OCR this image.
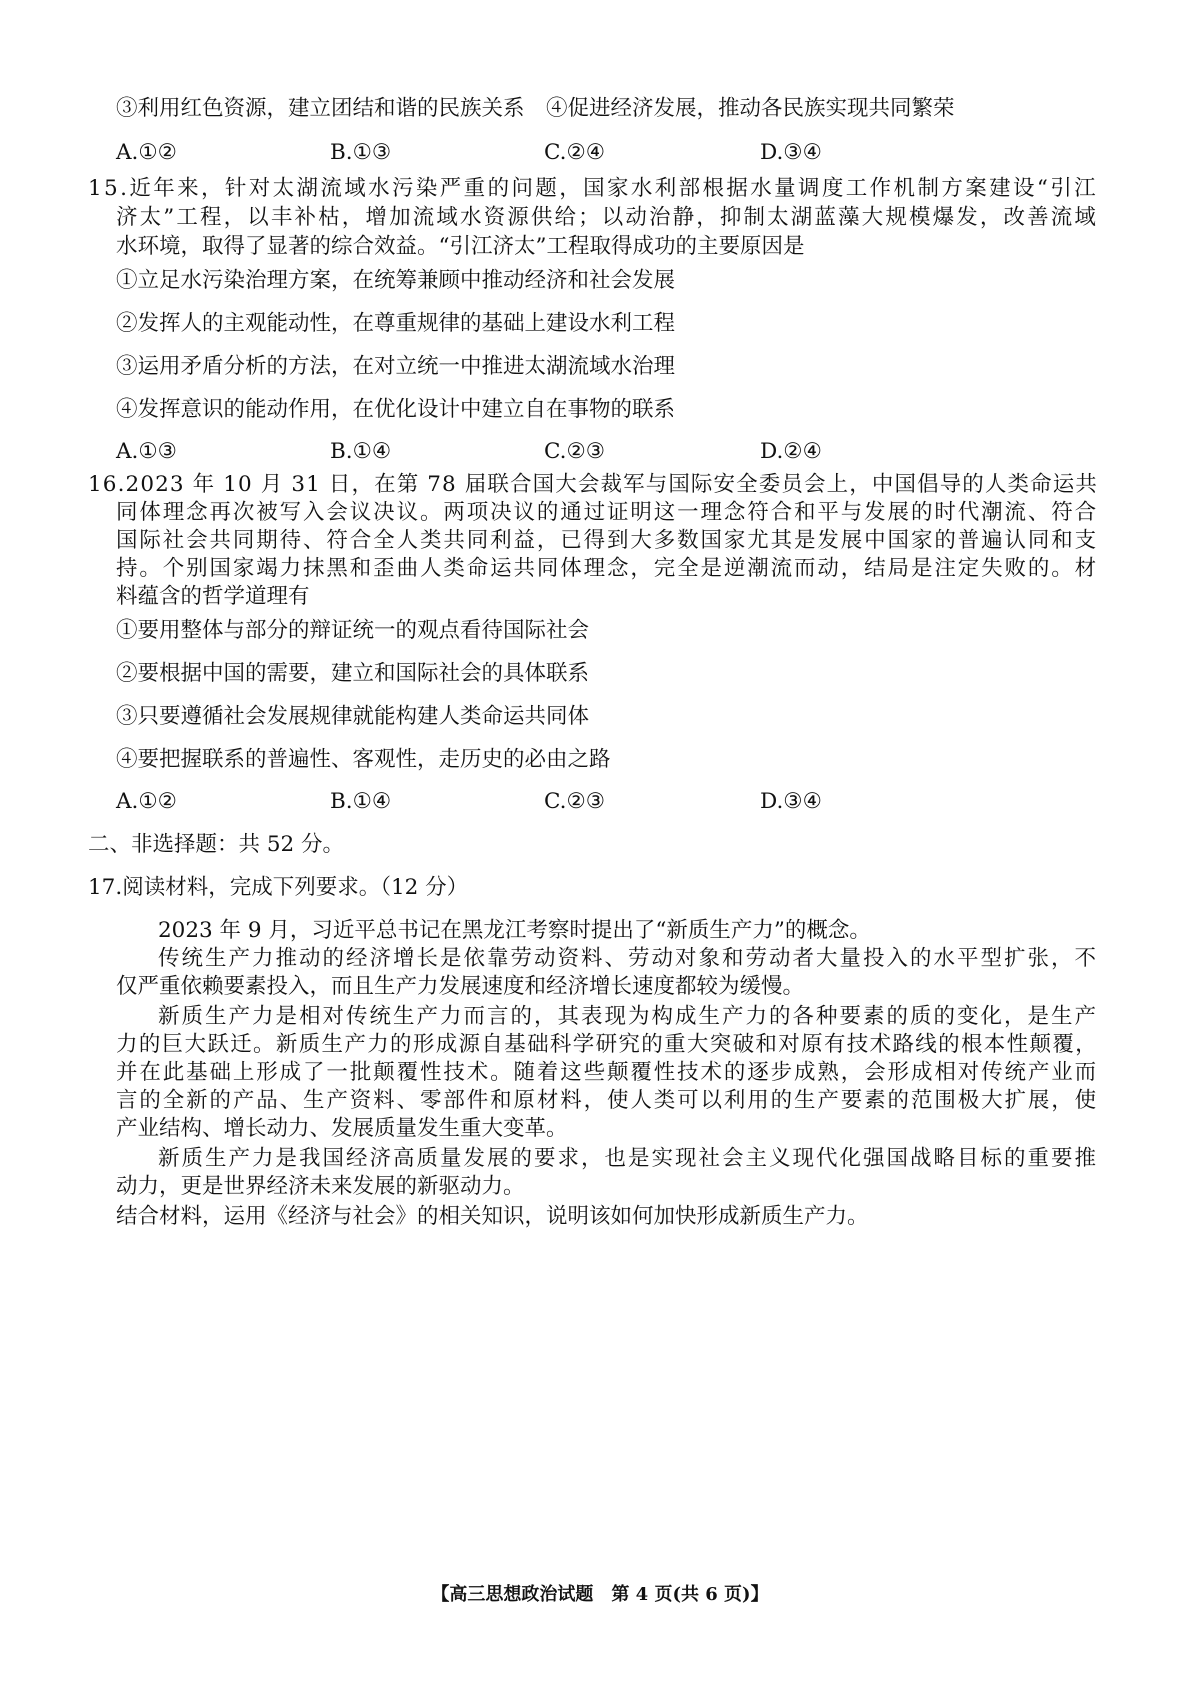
③利用红色资源，建立团结和谐的民族关系 ④促进经济发展，推动各民族实现共同繁荣
A.①②	B.①③	C.②④	D.③④
15.近年来，针对太湖流域水污染严重的问题，国家水利部根据水量调度工作机制方案建设“引江
济太”工程，以丰补枯，增加流域水资源供给；以动治静，抑制太湖蓝藻大规模爆发，改善流域
水环境，取得了显著的综合效益。“引江济太”工程取得成功的主要原因是
①立足水污染治理方案，在统筹兼顾中推动经济和社会发展
②发挥人的主观能动性，在尊重规律的基础上建设水利工程
③运用矛盾分析的方法，在对立统一中推进太湖流域水治理
④发挥意识的能动作用，在优化设计中建立自在事物的联系
A.①③	B.①④	C.②③	D.②④
16.2023 年 10 月 31 日，在第 78 届联合国大会裁军与国际安全委员会上，中国倡导的人类命运共
同体理念再次被写入会议决议。两项决议的通过证明这一理念符合和平与发展的时代潮流、符合
国际社会共同期待、符合全人类共同利益，已得到大多数国家尤其是发展中国家的普遍认同和支
持。个别国家竭力抹黑和歪曲人类命运共同体理念，完全是逆潮流而动，结局是注定失败的。材
料蕴含的哲学道理有
①要用整体与部分的辩证统一的观点看待国际社会
②要根据中国的需要，建立和国际社会的具体联系
③只要遵循社会发展规律就能构建人类命运共同体
④要把握联系的普遍性、客观性，走历史的必由之路
A.①②	B.①④	C.②③	D.③④
二、非选择题：共 52 分。
17.阅读材料，完成下列要求。（12 分）
2023 年 9 月，习近平总书记在黑龙江考察时提出了“新质生产力”的概念。
传统生产力推动的经济增长是依靠劳动资料、劳动对象和劳动者大量投入的水平型扩张，不
仅严重依赖要素投入，而且生产力发展速度和经济增长速度都较为缓慢。
新质生产力是相对传统生产力而言的，其表现为构成生产力的各种要素的质的变化，是生产
力的巨大跃迁。新质生产力的形成源自基础科学研究的重大突破和对原有技术路线的根本性颠覆，
并在此基础上形成了一批颠覆性技术。随着这些颠覆性技术的逐步成熟，会形成相对传统产业而
言的全新的产品、生产资料、零部件和原材料，使人类可以利用的生产要素的范围极大扩展，使
产业结构、增长动力、发展质量发生重大变革。
新质生产力是我国经济高质量发展的要求，也是实现社会主义现代化强国战略目标的重要推
动力，更是世界经济未来发展的新驱动力。
结合材料，运用《经济与社会》的相关知识，说明该如何加快形成新质生产力。
【高三思想政治试题　第 4 页(共 6 页)】
